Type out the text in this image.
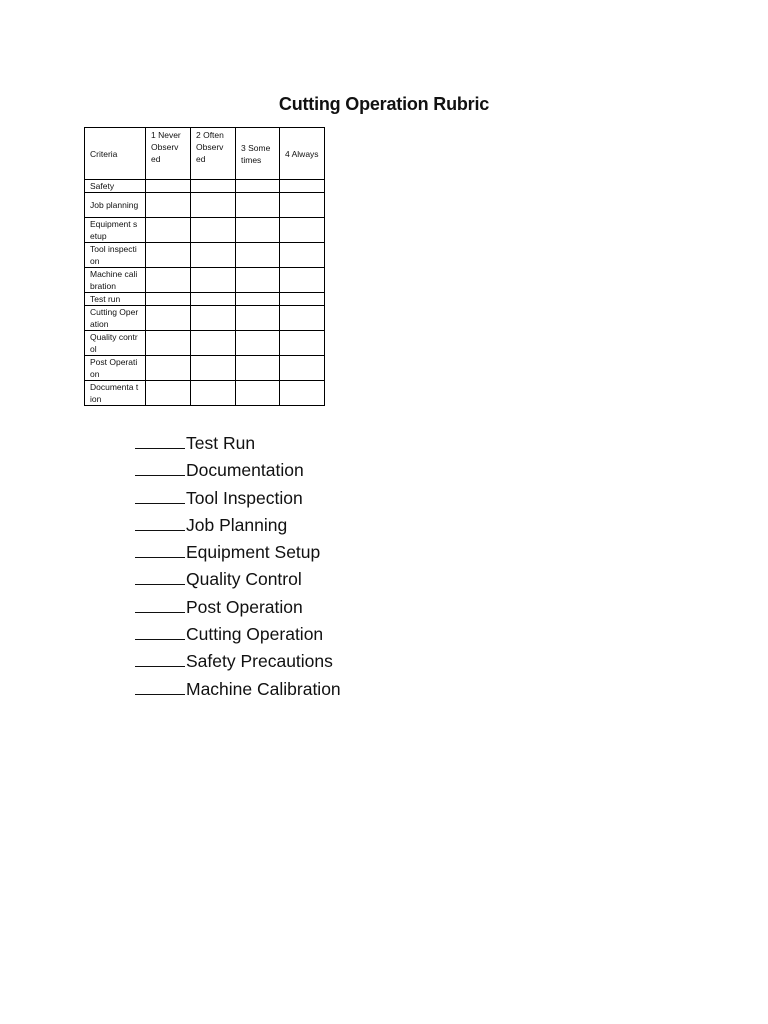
Cutting Operation Rubric
Criteria	1 Never Observ ed	2 Often Observ ed	3 Some times	4 Always
Safety				
Job planning				
Equipment setup				
Tool inspection				
Machine calibration				
Test run				
Cutting Operation				
Quality control				
Post Operation				
Documenta tion				
Test Run
Documentation
Tool Inspection
Job Planning
Equipment Setup
Quality Control
Post Operation
Cutting Operation
Safety Precautions
Machine Calibration
